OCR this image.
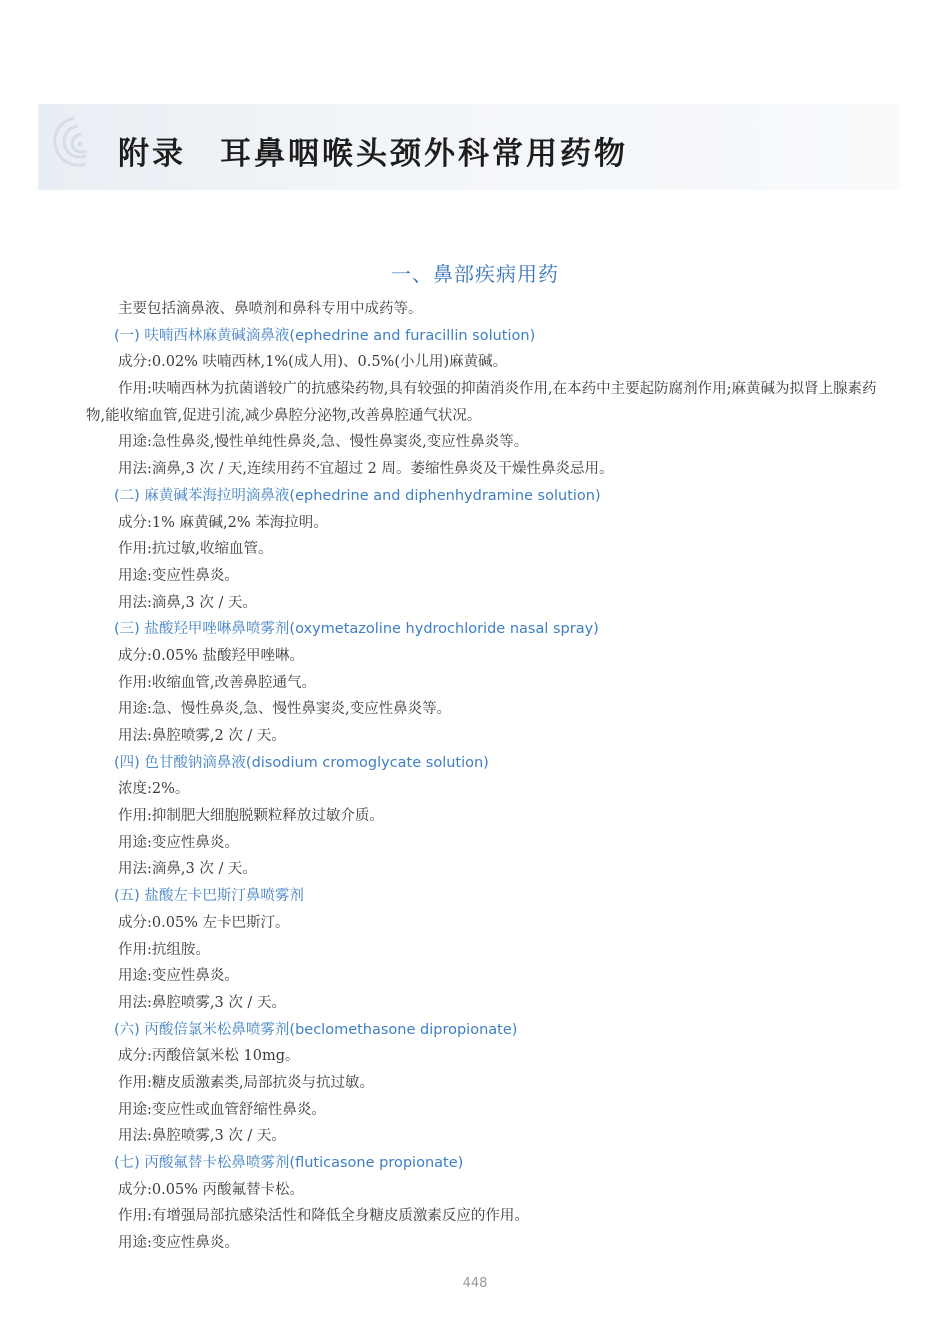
附录　耳鼻咽喉头颈外科常用药物
一、鼻部疾病用药
主要包括滴鼻液、鼻喷剂和鼻科专用中成药等。
(一) 呋喃西林麻黄碱滴鼻液(ephedrine and furacillin solution)
成分:0.02% 呋喃西林,1%(成人用)、0.5%(小儿用)麻黄碱。
作用:呋喃西林为抗菌谱较广的抗感染药物,具有较强的抑菌消炎作用,在本药中主要起防腐剂作用;麻黄碱为拟肾上腺素药物,能收缩血管,促进引流,减少鼻腔分泌物,改善鼻腔通气状况。
用途:急性鼻炎,慢性单纯性鼻炎,急、慢性鼻窦炎,变应性鼻炎等。
用法:滴鼻,3 次 / 天,连续用药不宜超过 2 周。萎缩性鼻炎及干燥性鼻炎忌用。
(二) 麻黄碱苯海拉明滴鼻液(ephedrine and diphenhydramine solution)
成分:1% 麻黄碱,2% 苯海拉明。
作用:抗过敏,收缩血管。
用途:变应性鼻炎。
用法:滴鼻,3 次 / 天。
(三) 盐酸羟甲唑啉鼻喷雾剂(oxymetazoline hydrochloride nasal spray)
成分:0.05% 盐酸羟甲唑啉。
作用:收缩血管,改善鼻腔通气。
用途:急、慢性鼻炎,急、慢性鼻窦炎,变应性鼻炎等。
用法:鼻腔喷雾,2 次 / 天。
(四) 色甘酸钠滴鼻液(disodium cromoglycate solution)
浓度:2%。
作用:抑制肥大细胞脱颗粒释放过敏介质。
用途:变应性鼻炎。
用法:滴鼻,3 次 / 天。
(五) 盐酸左卡巴斯汀鼻喷雾剂
成分:0.05% 左卡巴斯汀。
作用:抗组胺。
用途:变应性鼻炎。
用法:鼻腔喷雾,3 次 / 天。
(六) 丙酸倍氯米松鼻喷雾剂(beclomethasone dipropionate)
成分:丙酸倍氯米松 10mg。
作用:糖皮质激素类,局部抗炎与抗过敏。
用途:变应性或血管舒缩性鼻炎。
用法:鼻腔喷雾,3 次 / 天。
(七) 丙酸氟替卡松鼻喷雾剂(fluticasone propionate)
成分:0.05% 丙酸氟替卡松。
作用:有增强局部抗感染活性和降低全身糖皮质激素反应的作用。
用途:变应性鼻炎。
448
